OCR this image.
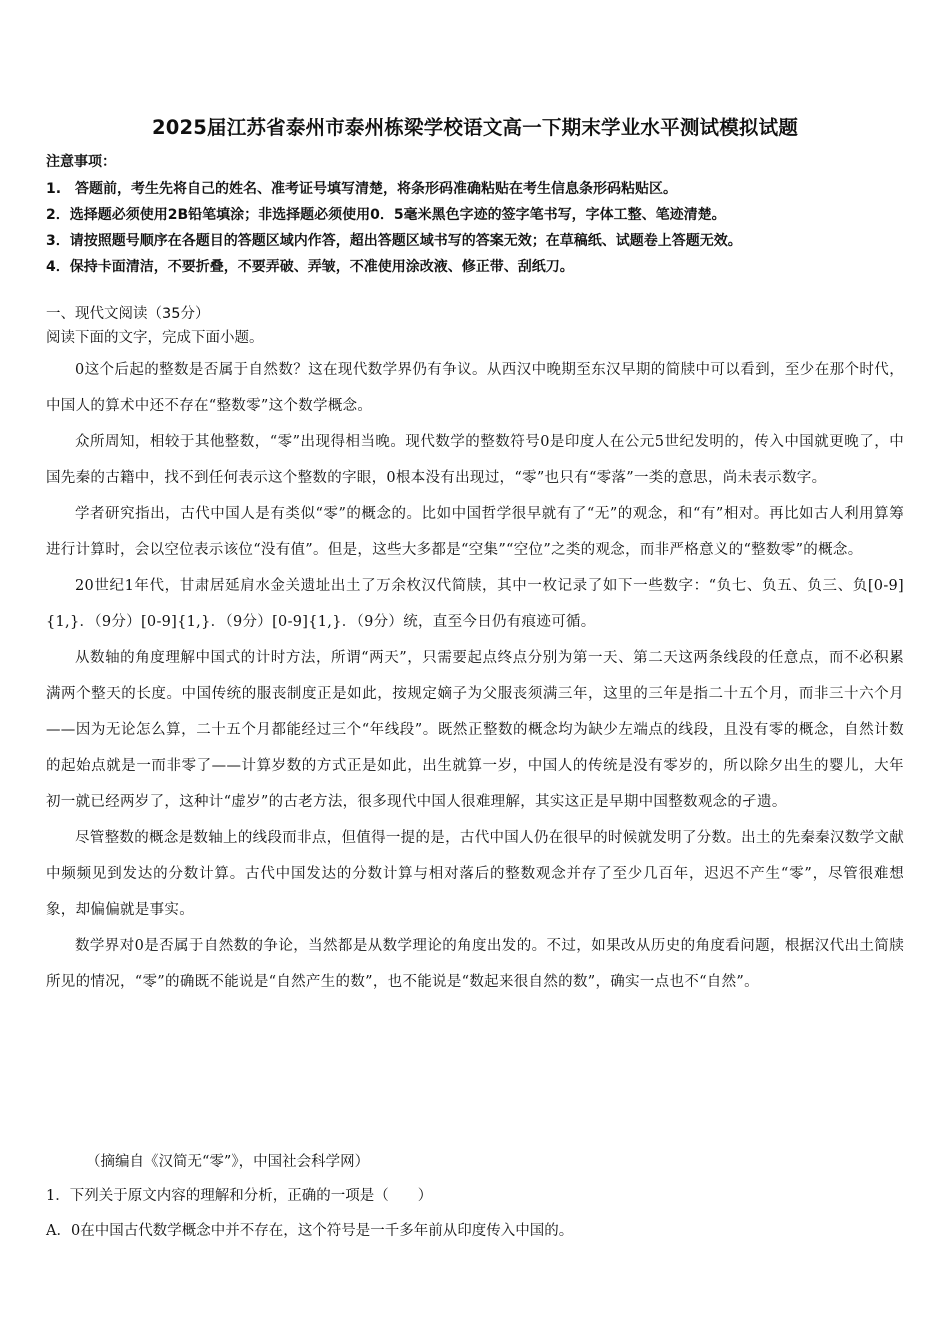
2025届江苏省泰州市泰州栋梁学校语文高一下期末学业水平测试模拟试题
注意事项：
1.　答题前，考生先将自己的姓名、准考证号填写清楚，将条形码准确粘贴在考生信息条形码粘贴区。
2．选择题必须使用2B铅笔填涂；非选择题必须使用0．5毫米黑色字迹的签字笔书写，字体工整、笔迹清楚。
3．请按照题号顺序在各题目的答题区域内作答，超出答题区域书写的答案无效；在草稿纸、试题卷上答题无效。
4．保持卡面清洁，不要折叠，不要弄破、弄皱，不准使用涂改液、修正带、刮纸刀。
一、现代文阅读（35分）
阅读下面的文字，完成下面小题。

0这个后起的整数是否属于自然数？这在现代数学界仍有争议。从西汉中晚期至东汉早期的简牍中可以看到，至少在那个时代，中国人的算术中还不存在“整数零”这个数学概念。

众所周知，相较于其他整数，“零”出现得相当晚。现代数学的整数符号0是印度人在公元5世纪发明的，传入中国就更晚了，中国先秦的古籍中，找不到任何表示这个整数的字眼，0根本没有出现过，“零”也只有“零落”一类的意思，尚未表示数字。

学者研究指出，古代中国人是有类似“零”的概念的。比如中国哲学很早就有了“无”的观念，和“有”相对。再比如古人利用算筹进行计算时，会以空位表示该位“没有值”。但是，这些大多都是“空集”“空位”之类的观念，而非严格意义的“整数零”的概念。

20世纪1年代，甘肃居延肩水金关遗址出土了万余枚汉代简牍，其中一枚记录了如下一些数字：“负七、负五、负三、负[0-9]{1,}．（9分）[0-9]{1,}．（9分）[0-9]{1,}．（9分）统，直至今日仍有痕迹可循。

从数轴的角度理解中国式的计时方法，所谓“两天”，只需要起点终点分别为第一天、第二天这两条线段的任意点，而不必积累满两个整天的长度。中国传统的服丧制度正是如此，按规定嫡子为父服丧须满三年，这里的三年是指二十五个月，而非三十六个月——因为无论怎么算，二十五个月都能经过三个“年线段”。既然正整数的概念均为缺少左端点的线段，且没有零的概念，自然计数的起始点就是一而非零了——计算岁数的方式正是如此，出生就算一岁，中国人的传统是没有零岁的，所以除夕出生的婴儿，大年初一就已经两岁了，这种计“虚岁”的古老方法，很多现代中国人很难理解，其实这正是早期中国整数观念的孑遗。

尽管整数的概念是数轴上的线段而非点，但值得一提的是，古代中国人仍在很早的时候就发明了分数。出土的先秦秦汉数学文献中频频见到发达的分数计算。古代中国发达的分数计算与相对落后的整数观念并存了至少几百年，迟迟不产生“零”，尽管很难想象，却偏偏就是事实。

数学界对0是否属于自然数的争论，当然都是从数学理论的角度出发的。不过，如果改从历史的角度看问题，根据汉代出土简牍所见的情况，“零”的确既不能说是“自然产生的数”，也不能说是“数起来很自然的数”，确实一点也不“自然”。

（摘编自《汉简无“零”》，中国社会科学网）
1．下列关于原文内容的理解和分析，正确的一项是（　　）
A．0在中国古代数学概念中并不存在，这个符号是一千多年前从印度传入中国的。
